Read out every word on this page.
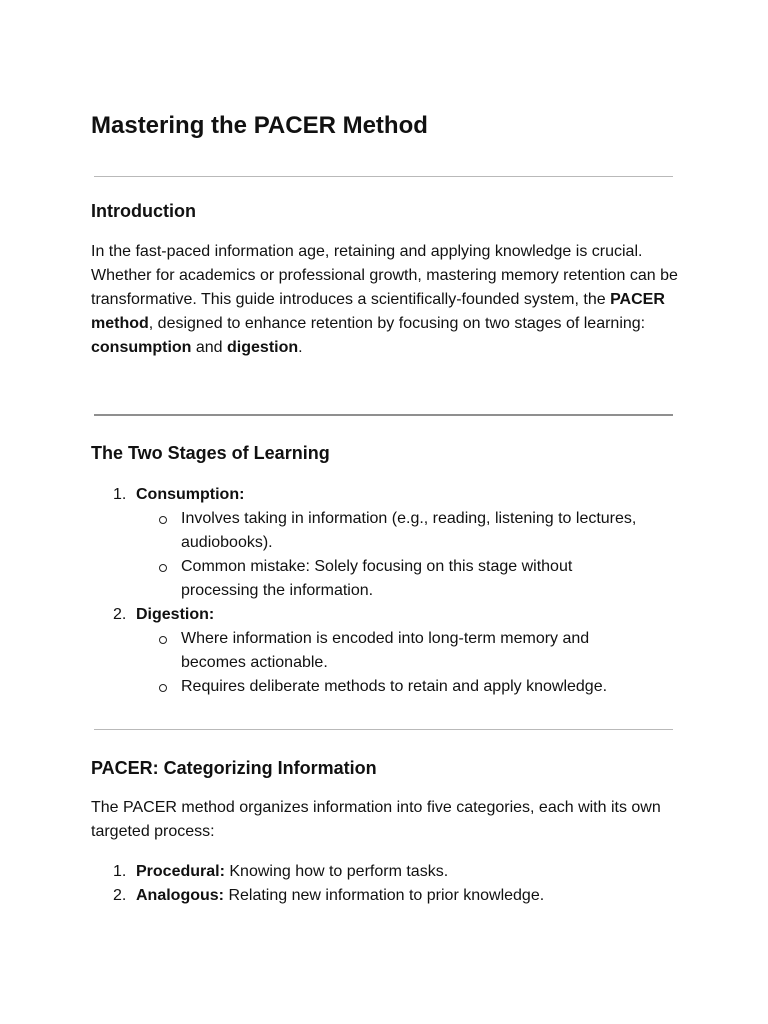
Mastering the PACER Method
Introduction

In the fast-paced information age, retaining and applying knowledge is crucial. Whether for academics or professional growth, mastering memory retention can be transformative. This guide introduces a scientifically-founded system, the PACER method, designed to enhance retention by focusing on two stages of learning: consumption and digestion.

The Two Stages of Learning
1. Consumption:
Involves taking in information (e.g., reading, listening to lectures, audiobooks).
Common mistake: Solely focusing on this stage without processing the information.
2. Digestion:
Where information is encoded into long-term memory and becomes actionable.
Requires deliberate methods to retain and apply knowledge.
PACER: Categorizing Information

The PACER method organizes information into five categories, each with its own targeted process:

1. Procedural: Knowing how to perform tasks.
2. Analogous: Relating new information to prior knowledge.
